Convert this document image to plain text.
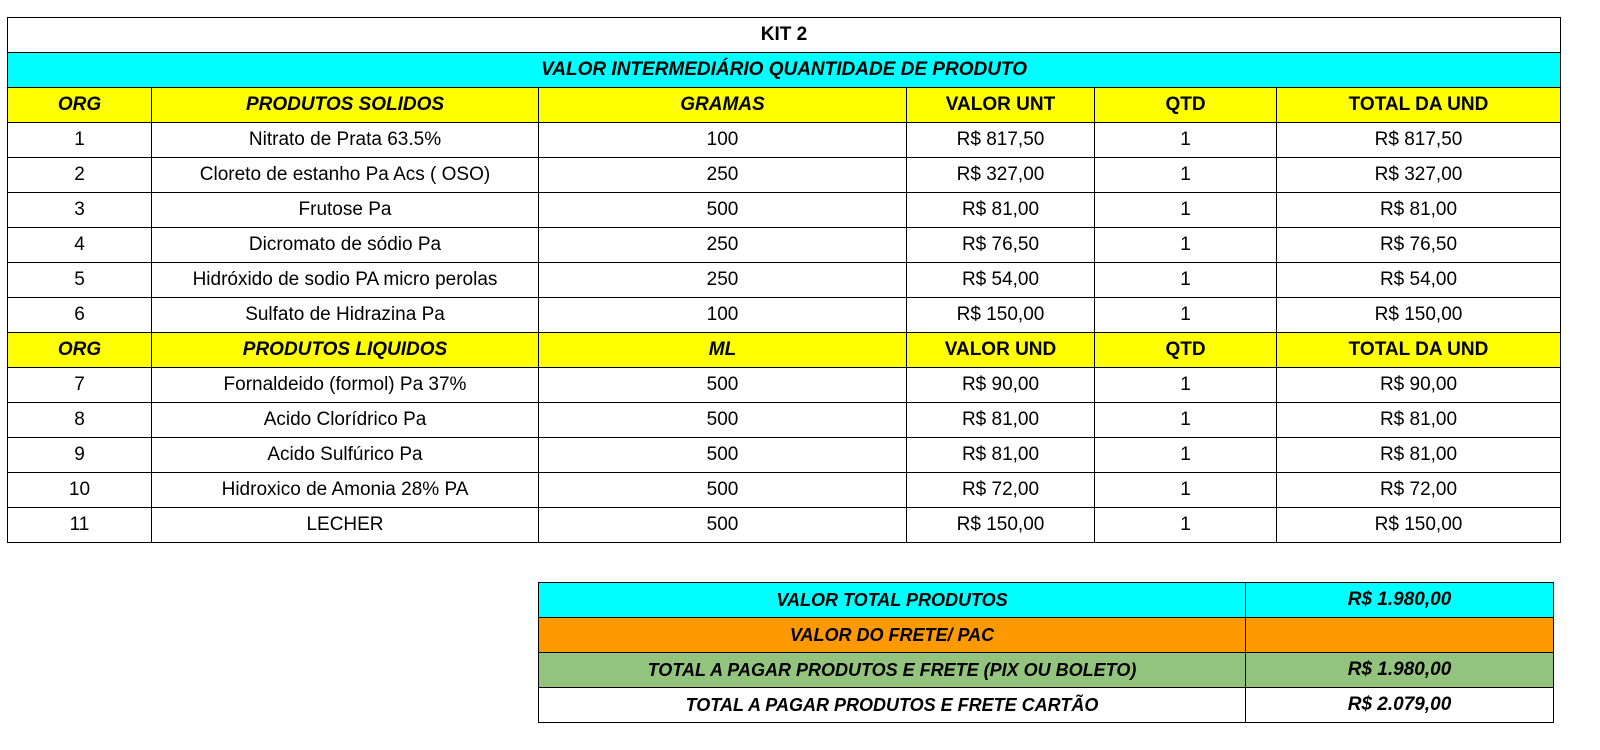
KIT 2					
VALOR INTERMEDIÁRIO QUANTIDADE DE PRODUTO					
ORG	PRODUTOS SOLIDOS	GRAMAS	VALOR UNT	QTD	TOTAL DA UND
1	Nitrato de Prata 63.5%	100	R$ 817,50	1	R$ 817,50
2	Cloreto de estanho Pa Acs ( OSO)	250	R$ 327,00	1	R$ 327,00
3	Frutose Pa	500	R$ 81,00	1	R$ 81,00
4	Dicromato de sódio Pa	250	R$ 76,50	1	R$ 76,50
5	Hidróxido de sodio PA micro perolas	250	R$ 54,00	1	R$ 54,00
6	Sulfato de Hidrazina Pa	100	R$ 150,00	1	R$ 150,00
ORG	PRODUTOS LIQUIDOS	ML	VALOR UND	QTD	TOTAL DA UND
7	Fornaldeido (formol) Pa 37%	500	R$ 90,00	1	R$ 90,00
8	Acido Clorídrico Pa	500	R$ 81,00	1	R$ 81,00
9	Acido Sulfúrico Pa	500	R$ 81,00	1	R$ 81,00
10	Hidroxico de Amonia 28% PA	500	R$ 72,00	1	R$ 72,00
11	LECHER	500	R$ 150,00	1	R$ 150,00
VALOR TOTAL PRODUTOS	R$ 1.980,00
VALOR DO FRETE/ PAC	
TOTAL A PAGAR PRODUTOS E FRETE (PIX OU BOLETO)	R$ 1.980,00
TOTAL A PAGAR PRODUTOS E FRETE CARTÃO	R$ 2.079,00
